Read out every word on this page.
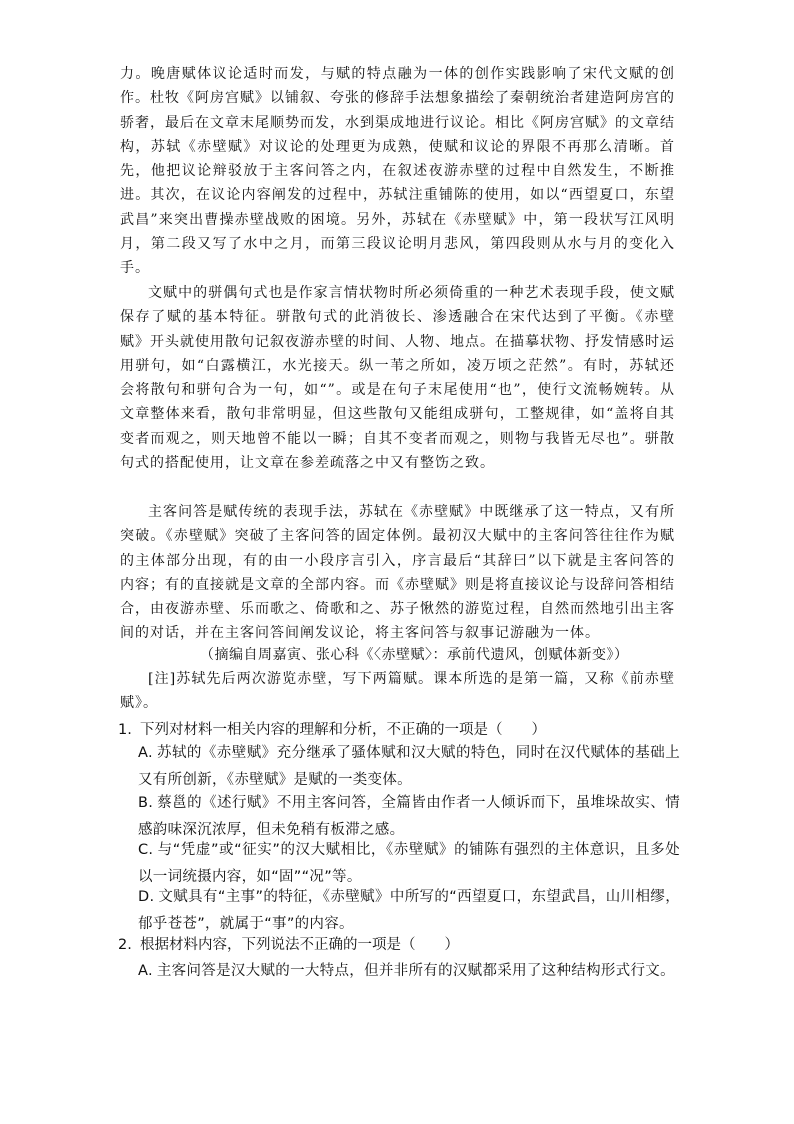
力。晚唐赋体议论适时而发，与赋的特点融为一体的创作实践影响了宋代文赋的创作。杜牧《阿房宫赋》以铺叙、夸张的修辞手法想象描绘了秦朝统治者建造阿房宫的骄奢，最后在文章末尾顺势而发，水到渠成地进行议论。相比《阿房宫赋》的文章结构，苏轼《赤壁赋》对议论的处理更为成熟，使赋和议论的界限不再那么清晰。首先，他把议论辩驳放于主客问答之内，在叙述夜游赤壁的过程中自然发生，不断推进。其次，在议论内容阐发的过程中，苏轼注重铺陈的使用，如以“西望夏口，东望武昌”来突出曹操赤壁战败的困境。另外，苏轼在《赤壁赋》中，第一段状写江风明月，第二段又写了水中之月，而第三段议论明月悲风，第四段则从水与月的变化入手。

文赋中的骈偶句式也是作家言情状物时所必须倚重的一种艺术表现手段，使文赋保存了赋的基本特征。骈散句式的此消彼长、渗透融合在宋代达到了平衡。《赤壁赋》开头就使用散句记叙夜游赤壁的时间、人物、地点。在描摹状物、抒发情感时运用骈句，如“白露横江，水光接天。纵一苇之所如，凌万顷之茫然”。有时，苏轼还会将散句和骈句合为一句，如“”。或是在句子末尾使用“也”，使行文流畅婉转。从文章整体来看，散句非常明显，但这些散句又能组成骈句，工整规律，如“盖将自其变者而观之，则天地曾不能以一瞬；自其不变者而观之，则物与我皆无尽也”。骈散句式的搭配使用，让文章在参差疏落之中又有整饬之致。

主客问答是赋传统的表现手法，苏轼在《赤壁赋》中既继承了这一特点，又有所突破。《赤壁赋》突破了主客问答的固定体例。最初汉大赋中的主客问答往往作为赋的主体部分出现，有的由一小段序言引入，序言最后“其辞曰”以下就是主客问答的内容；有的直接就是文章的全部内容。而《赤壁赋》则是将直接议论与设辞问答相结合，由夜游赤壁、乐而歌之、倚歌和之、苏子愀然的游览过程，自然而然地引出主客间的对话，并在主客问答间阐发议论，将主客问答与叙事记游融为一体。

（摘编自周嘉寅、张心科《〈赤壁赋〉：承前代遗风，创赋体新变》）

[注]苏轼先后两次游览赤壁，写下两篇赋。课本所选的是第一篇，又称《前赤壁赋》。

1. 下列对材料一相关内容的理解和分析，不正确的一项是（　　）
A. 苏轼的《赤壁赋》充分继承了骚体赋和汉大赋的特色，同时在汉代赋体的基础上又有所创新，《赤壁赋》是赋的一类变体。
B. 蔡邕的《述行赋》不用主客问答，全篇皆由作者一人倾诉而下，虽堆垛故实、情感韵味深沉浓厚，但未免稍有板滞之感。
C. 与“凭虚”或“征实”的汉大赋相比，《赤壁赋》的铺陈有强烈的主体意识，且多处以一词统摄内容，如“固”“况”等。
D. 文赋具有“主事”的特征，《赤壁赋》中所写的“西望夏口，东望武昌，山川相缪，郁乎苍苍”，就属于“事”的内容。
2. 根据材料内容，下列说法不正确的一项是（　　）
A. 主客问答是汉大赋的一大特点，但并非所有的汉赋都采用了这种结构形式行文。
